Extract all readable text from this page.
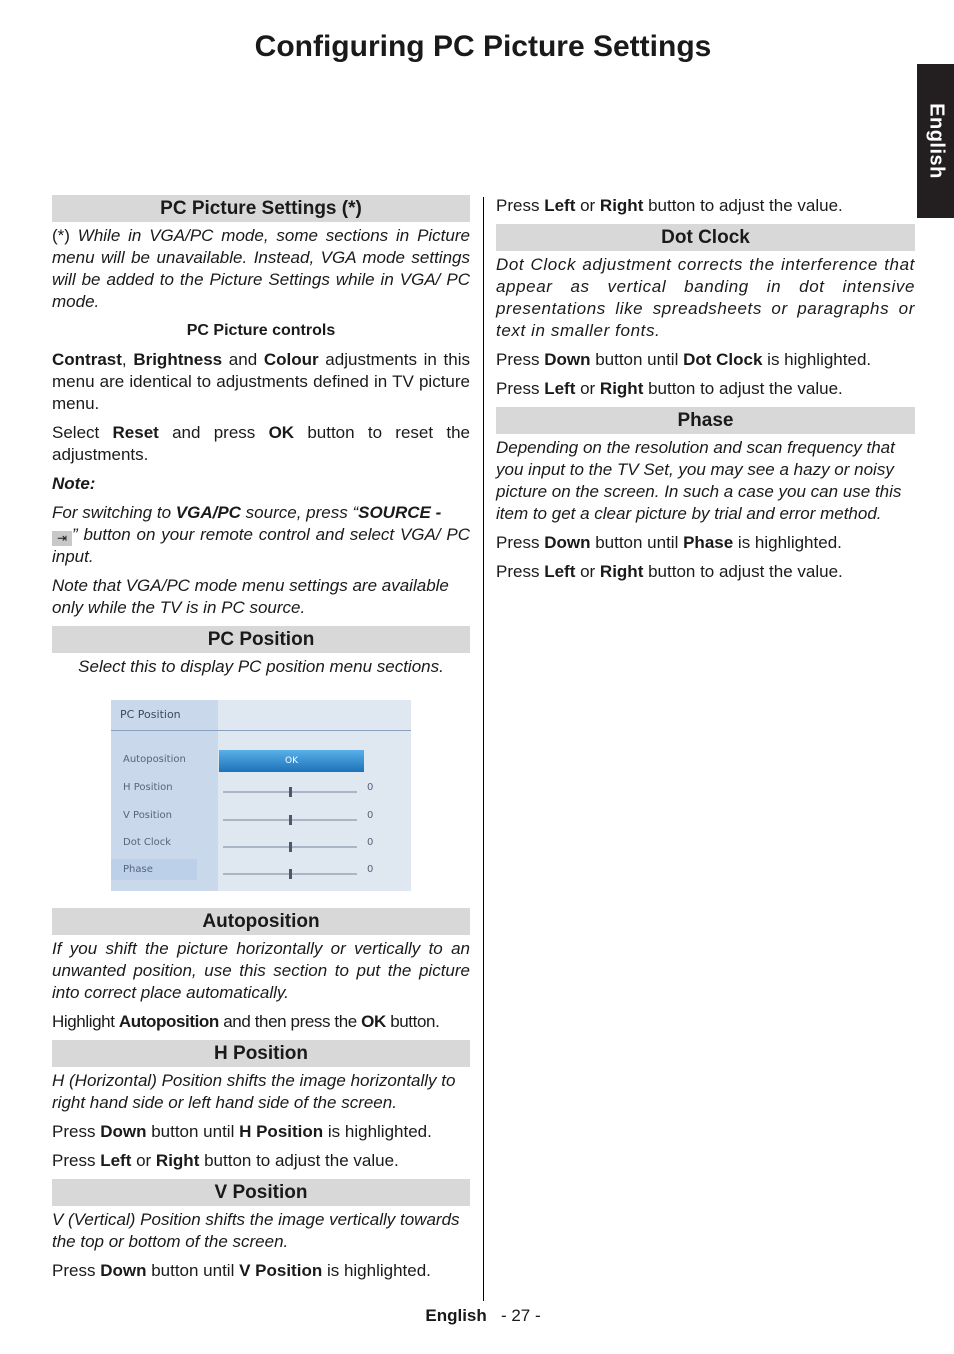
Configuring PC Picture Settings
English
PC Picture Settings (*)

(*) While in VGA/PC mode, some sections in Picture menu will be unavailable. Instead, VGA mode settings will be added to the Picture Settings while in VGA/ PC mode.

PC Picture controls

Contrast, Brightness and Colour adjustments in this menu are identical to adjustments defined in TV picture menu.

Select Reset and press OK button to reset the adjustments.

Note:

For switching to VGA/PC source, press “SOURCE -
⇥ ” button on your remote control and select VGA/ PC input.

Note that VGA/PC mode menu settings are available only while the TV is in PC source.

PC Position

Select this to display PC position menu sections.

PC Position
Autoposition	OK
H Position	0
V Position	0
Dot Clock	0
Phase	0
Autoposition

If you shift the picture horizontally or vertically to an unwanted position, use this section to put the picture into correct place automatically.

Highlight Autoposition and then press the OK button.

H Position

H (Horizontal) Position shifts the image horizontally to right hand side or left hand side of the screen.

Press Down button until H Position is highlighted.

Press Left or Right button to adjust the value.

V Position

V (Vertical) Position shifts the image vertically towards the top or bottom of the screen.

Press Down button until V Position is highlighted.

Press Left or Right button to adjust the value.

Dot Clock

Dot Clock adjustment corrects the interference that appear as vertical banding in dot intensive presentations like spreadsheets or paragraphs or text in smaller fonts.

Press Down button until Dot Clock is highlighted.

Press Left or Right button to adjust the value.

Phase

Depending on the resolution and scan frequency that you input to the TV Set, you may see a hazy or noisy picture on the screen. In such a case you can use this item to get a clear picture by trial and error method.

Press Down button until Phase is highlighted.

Press Left or Right button to adjust the value.

English - 27 -
